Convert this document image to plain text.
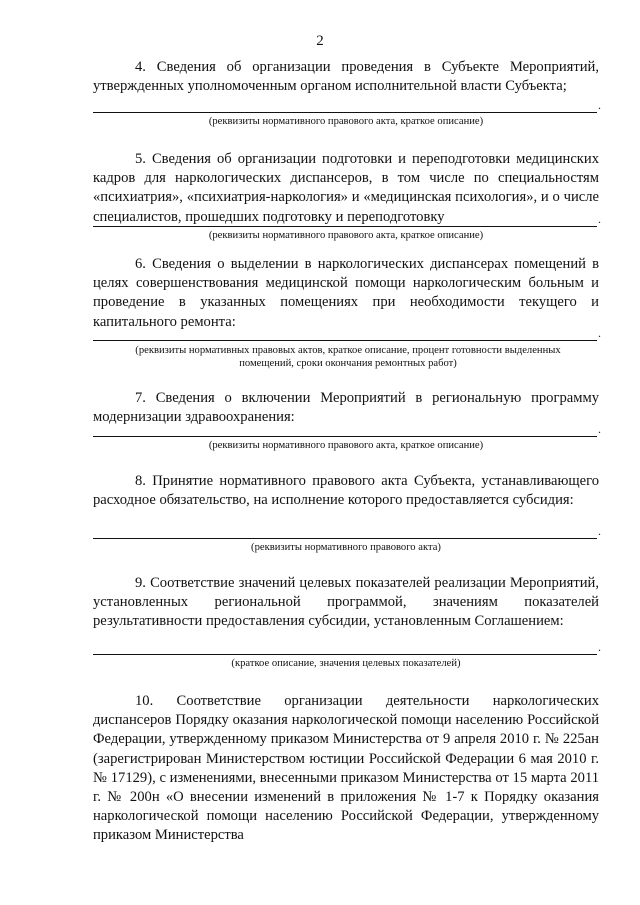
2
4. Сведения об организации проведения в Субъекте Мероприятий, утвержденных уполномоченным органом исполнительной власти Субъекта;
.
(реквизиты нормативного правового акта, краткое описание)
5. Сведения об организации подготовки и переподготовки медицинских кадров для наркологических диспансеров, в том числе по специальностям «психиатрия», «психиатрия-наркология» и «медицинская психология», и о числе специалистов, прошедших подготовку и переподготовку
.
(реквизиты нормативного правового акта, краткое описание)
6. Сведения о выделении в наркологических диспансерах помещений в целях совершенствования медицинской помощи наркологическим больным и проведение в указанных помещениях при необходимости текущего и капитального ремонта:
.
(реквизиты нормативных правовых актов, краткое описание, процент готовности выделенных помещений, сроки окончания ремонтных работ)
7. Сведения о включении Мероприятий в региональную программу модернизации здравоохранения:
.
(реквизиты нормативного правового акта, краткое описание)
8. Принятие нормативного правового акта Субъекта, устанавливающего расходное обязательство, на исполнение которого предоставляется субсидия:
.
(реквизиты нормативного правового акта)
9. Соответствие значений целевых показателей реализации Мероприятий, установленных региональной программой, значениям показателей результативности предоставления субсидии, установленным Соглашением:
.
(краткое описание, значения целевых показателей)
10. Соответствие организации деятельности наркологических диспансеров Порядку оказания наркологической помощи населению Российской Федерации, утвержденному приказом Министерства от 9 апреля 2010 г. № 225ан (зарегистрирован Министерством юстиции Российской Федерации 6 мая 2010 г. № 17129), с изменениями, внесенными приказом Министерства от 15 марта 2011 г. № 200н «О внесении изменений в приложения № 1-7 к Порядку оказания наркологической помощи населению Российской Федерации, утвержденному приказом Министерства
